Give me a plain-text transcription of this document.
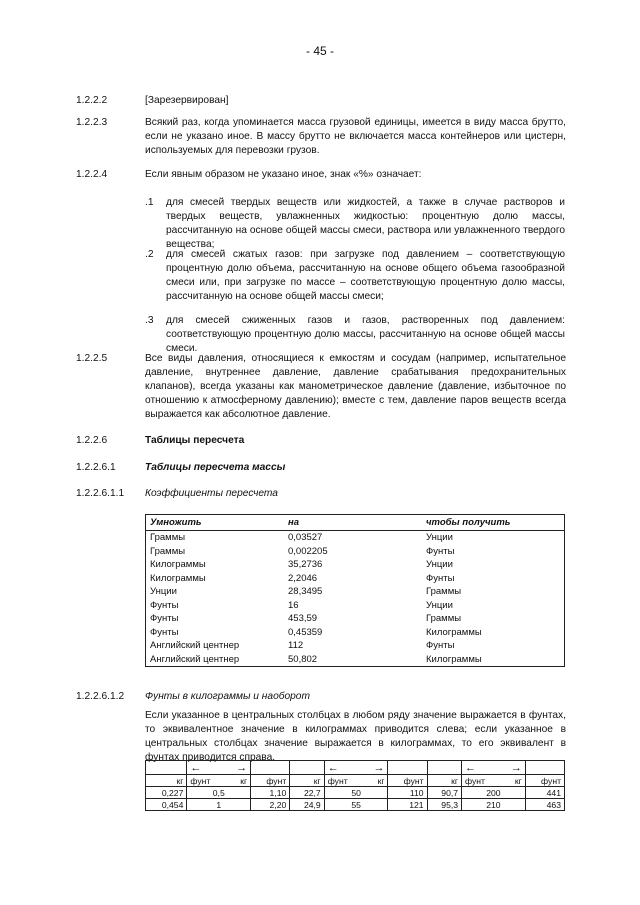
- 45 -
1.2.2.2	[Зарезервирован]
1.2.2.3	Всякий раз, когда упоминается масса грузовой единицы, имеется в виду масса брутто, если не указано иное. В массу брутто не включается масса контейнеров или цистерн, используемых для перевозки грузов.
1.2.2.4	Если явным образом не указано иное, знак «%» означает:
.1 для смесей твердых веществ или жидкостей, а также в случае растворов и твердых веществ, увлажненных жидкостью: процентную долю массы, рассчитанную на основе общей массы смеси, раствора или увлажненного твердого вещества;
.2 для смесей сжатых газов: при загрузке под давлением – соответствующую процентную долю объема, рассчитанную на основе общего объема газообразной смеси или, при загрузке по массе – соответствующую процентную долю массы, рассчитанную на основе общей массы смеси;
.3 для смесей сжиженных газов и газов, растворенных под давлением: соответствующую процентную долю массы, рассчитанную на основе общей массы смеси.
1.2.2.5	Все виды давления, относящиеся к емкостям и сосудам (например, испытательное давление, внутреннее давление, давление срабатывания предохранительных клапанов), всегда указаны как манометрическое давление (давление, избыточное по отношению к атмосферному давлению); вместе с тем, давление паров веществ всегда выражается как абсолютное давление.
1.2.2.6	Таблицы пересчета
1.2.2.6.1	Таблицы пересчета массы
1.2.2.6.1.1	Коэффициенты пересчета
Умножить	на	чтобы получить
Граммы	0,03527	Унции
Граммы	0,002205	Фунты
Килограммы	35,2736	Унции
Килограммы	2,2046	Фунты
Унции	28,3495	Граммы
Фунты	16	Унции
Фунты	453,59	Граммы
Фунты	0,45359	Килограммы
Английский центнер	112	Фунты
Английский центнер	50,802	Килограммы
1.2.2.6.1.2	Фунты в килограммы и наоборот
Если указанное в центральных столбцах в любом ряду значение выражается в фунтах, то эквивалентное значение в килограммах приводится слева; если указанное в центральных столбцах значение выражается в килограммах, то его эквивалент в фунтах приводится справа.
	←	→			←	→			←	→	
кг	фунт	кг	фунт	кг	фунт	кг	фунт	кг	фунт	кг	фунт
0,227	0,5		1,10	22,7	50		110	90,7	200		441
0,454	1		2,20	24,9	55		121	95,3	210		463
